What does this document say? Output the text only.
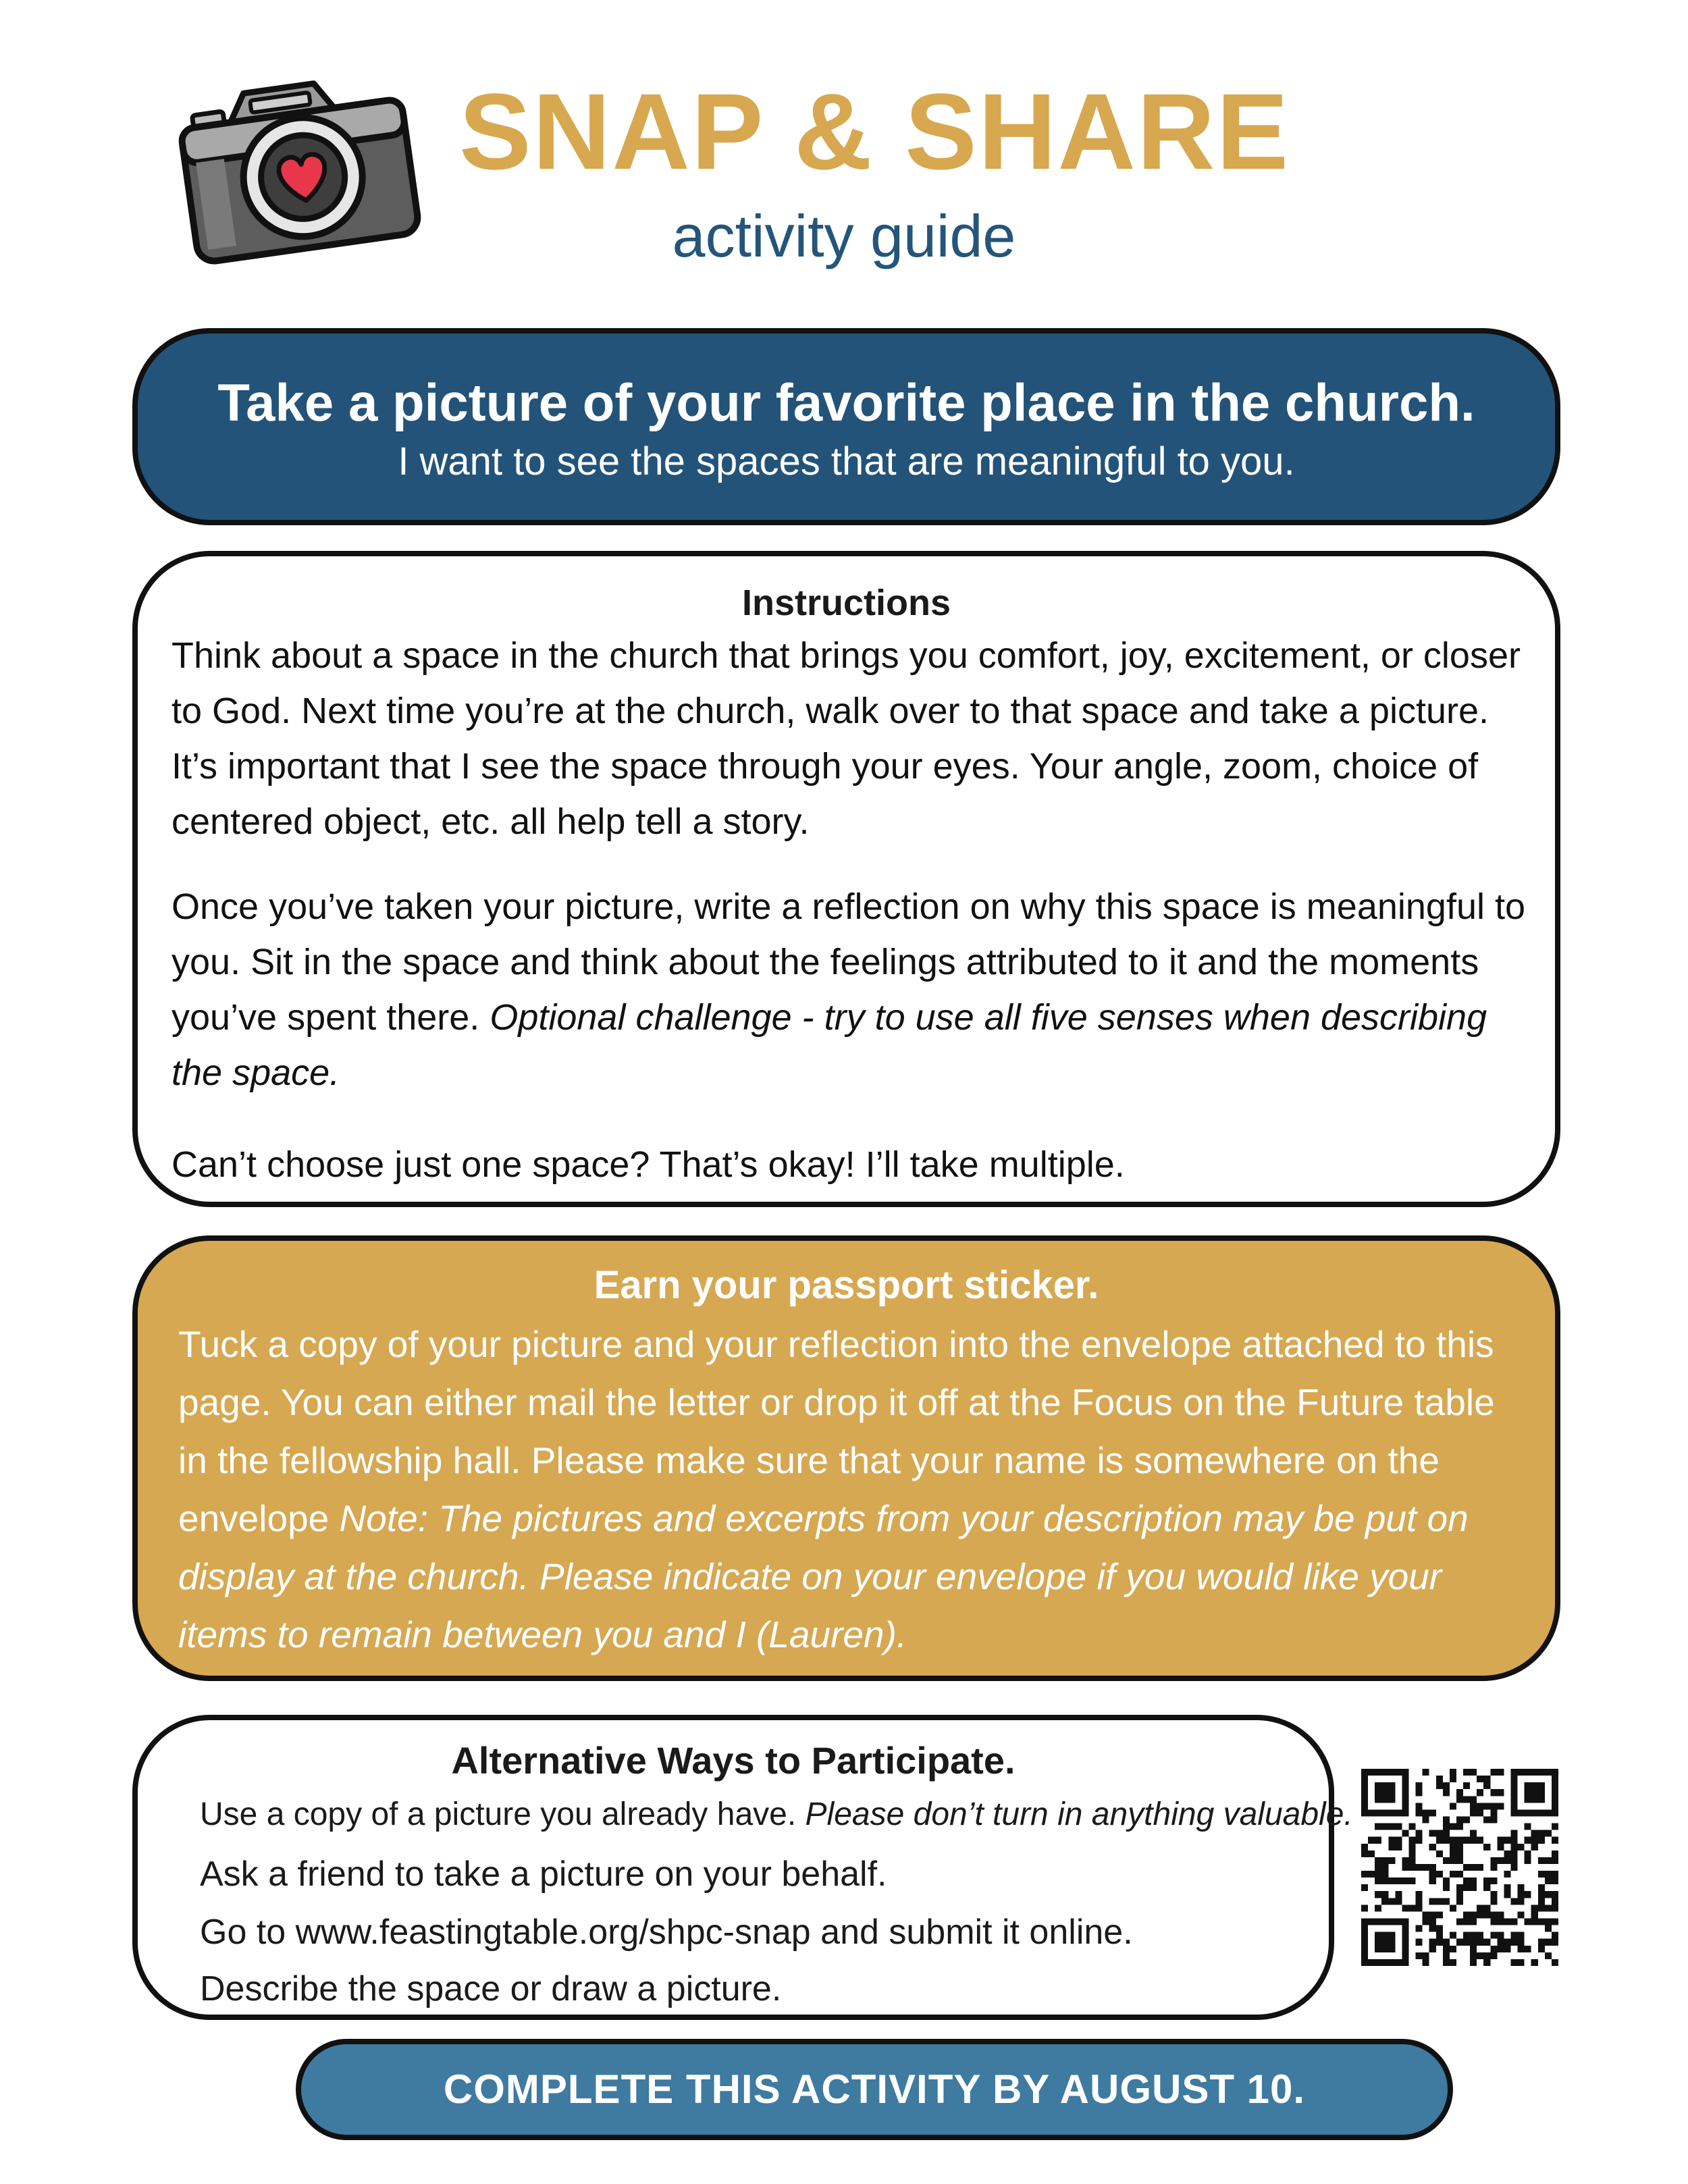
SNAP & SHARE
activity guide
Take a picture of your favorite place in the church.
I want to see the spaces that are meaningful to you.
Instructions
Think about a space in the church that brings you comfort, joy, excitement, or closer to God. Next time you’re at the church, walk over to that space and take a picture. It’s important that I see the space through your eyes. Your angle, zoom, choice of centered object, etc. all help tell a story.
Once you’ve taken your picture, write a reflection on why this space is meaningful to you. Sit in the space and think about the feelings attributed to it and the moments you’ve spent there. Optional challenge - try to use all five senses when describing the space.
Can’t choose just one space? That’s okay! I’ll take multiple.
Earn your passport sticker.
Tuck a copy of your picture and your reflection into the envelope attached to this page. You can either mail the letter or drop it off at the Focus on the Future table in the fellowship hall. Please make sure that your name is somewhere on the envelope Note: The pictures and excerpts from your description may be put on display at the church. Please indicate on your envelope if you would like your items to remain between you and I (Lauren).
Alternative Ways to Participate.
Use a copy of a picture you already have. Please don’t turn in anything valuable.
Ask a friend to take a picture on your behalf.
Go to www.feastingtable.org/shpc-snap and submit it online.
Describe the space or draw a picture.
COMPLETE THIS ACTIVITY BY AUGUST 10.
